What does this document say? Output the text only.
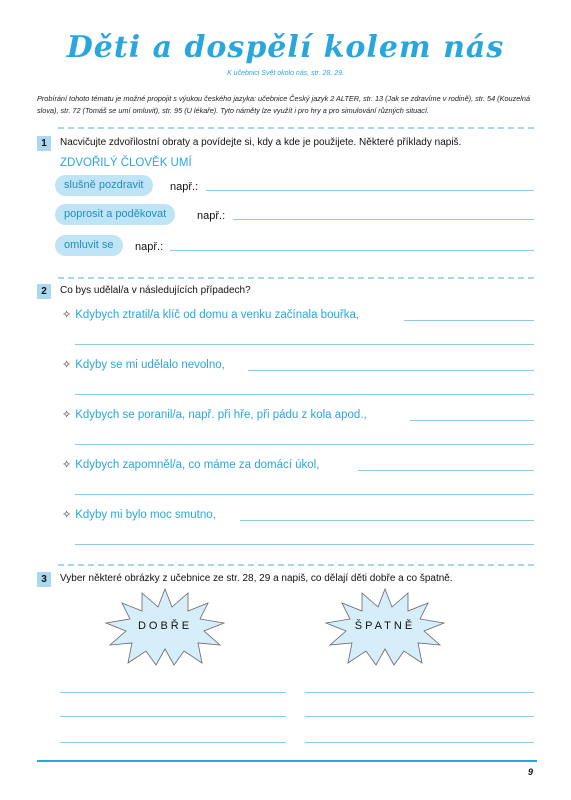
Děti a dospělí kolem nás
K učebnici Svět okolo nás, str. 28, 29.
Probírání tohoto tématu je možné propojit s výukou českého jazyka: učebnice Český jazyk 2 ALTER, str. 13 (Jak se zdravíme v rodině), str. 54 (Kouzelná slova), str. 72 (Tomáš se umí omluvit), str. 95 (U lékaře). Tyto náměty lze využít i pro hry a pro simulování různých situací.
1	Nacvičujte zdvořilostní obraty a povídejte si, kdy a kde je použijete. Některé příklady napiš.
ZDVOŘILÝ ČLOVĚK UMÍ
slušně pozdravit	např.:
poprosit a poděkovat	např.:
omluvit se	např.:
2	Co bys udělal/a v následujících případech?
✧ Kdybych ztratil/a klíč od domu a venku začínala bouřka,
✧ Kdyby se mi udělalo nevolno,
✧ Kdybych se poranil/a, např. při hře, při pádu z kola apod.,
✧ Kdybych zapomněl/a, co máme za domácí úkol,
✧ Kdyby mi bylo moc smutno,
3	Vyber některé obrázky z učebnice ze str. 28, 29 a napiš, co dělají děti dobře a co špatně.
DOBŘE	ŠPATNĚ
9
